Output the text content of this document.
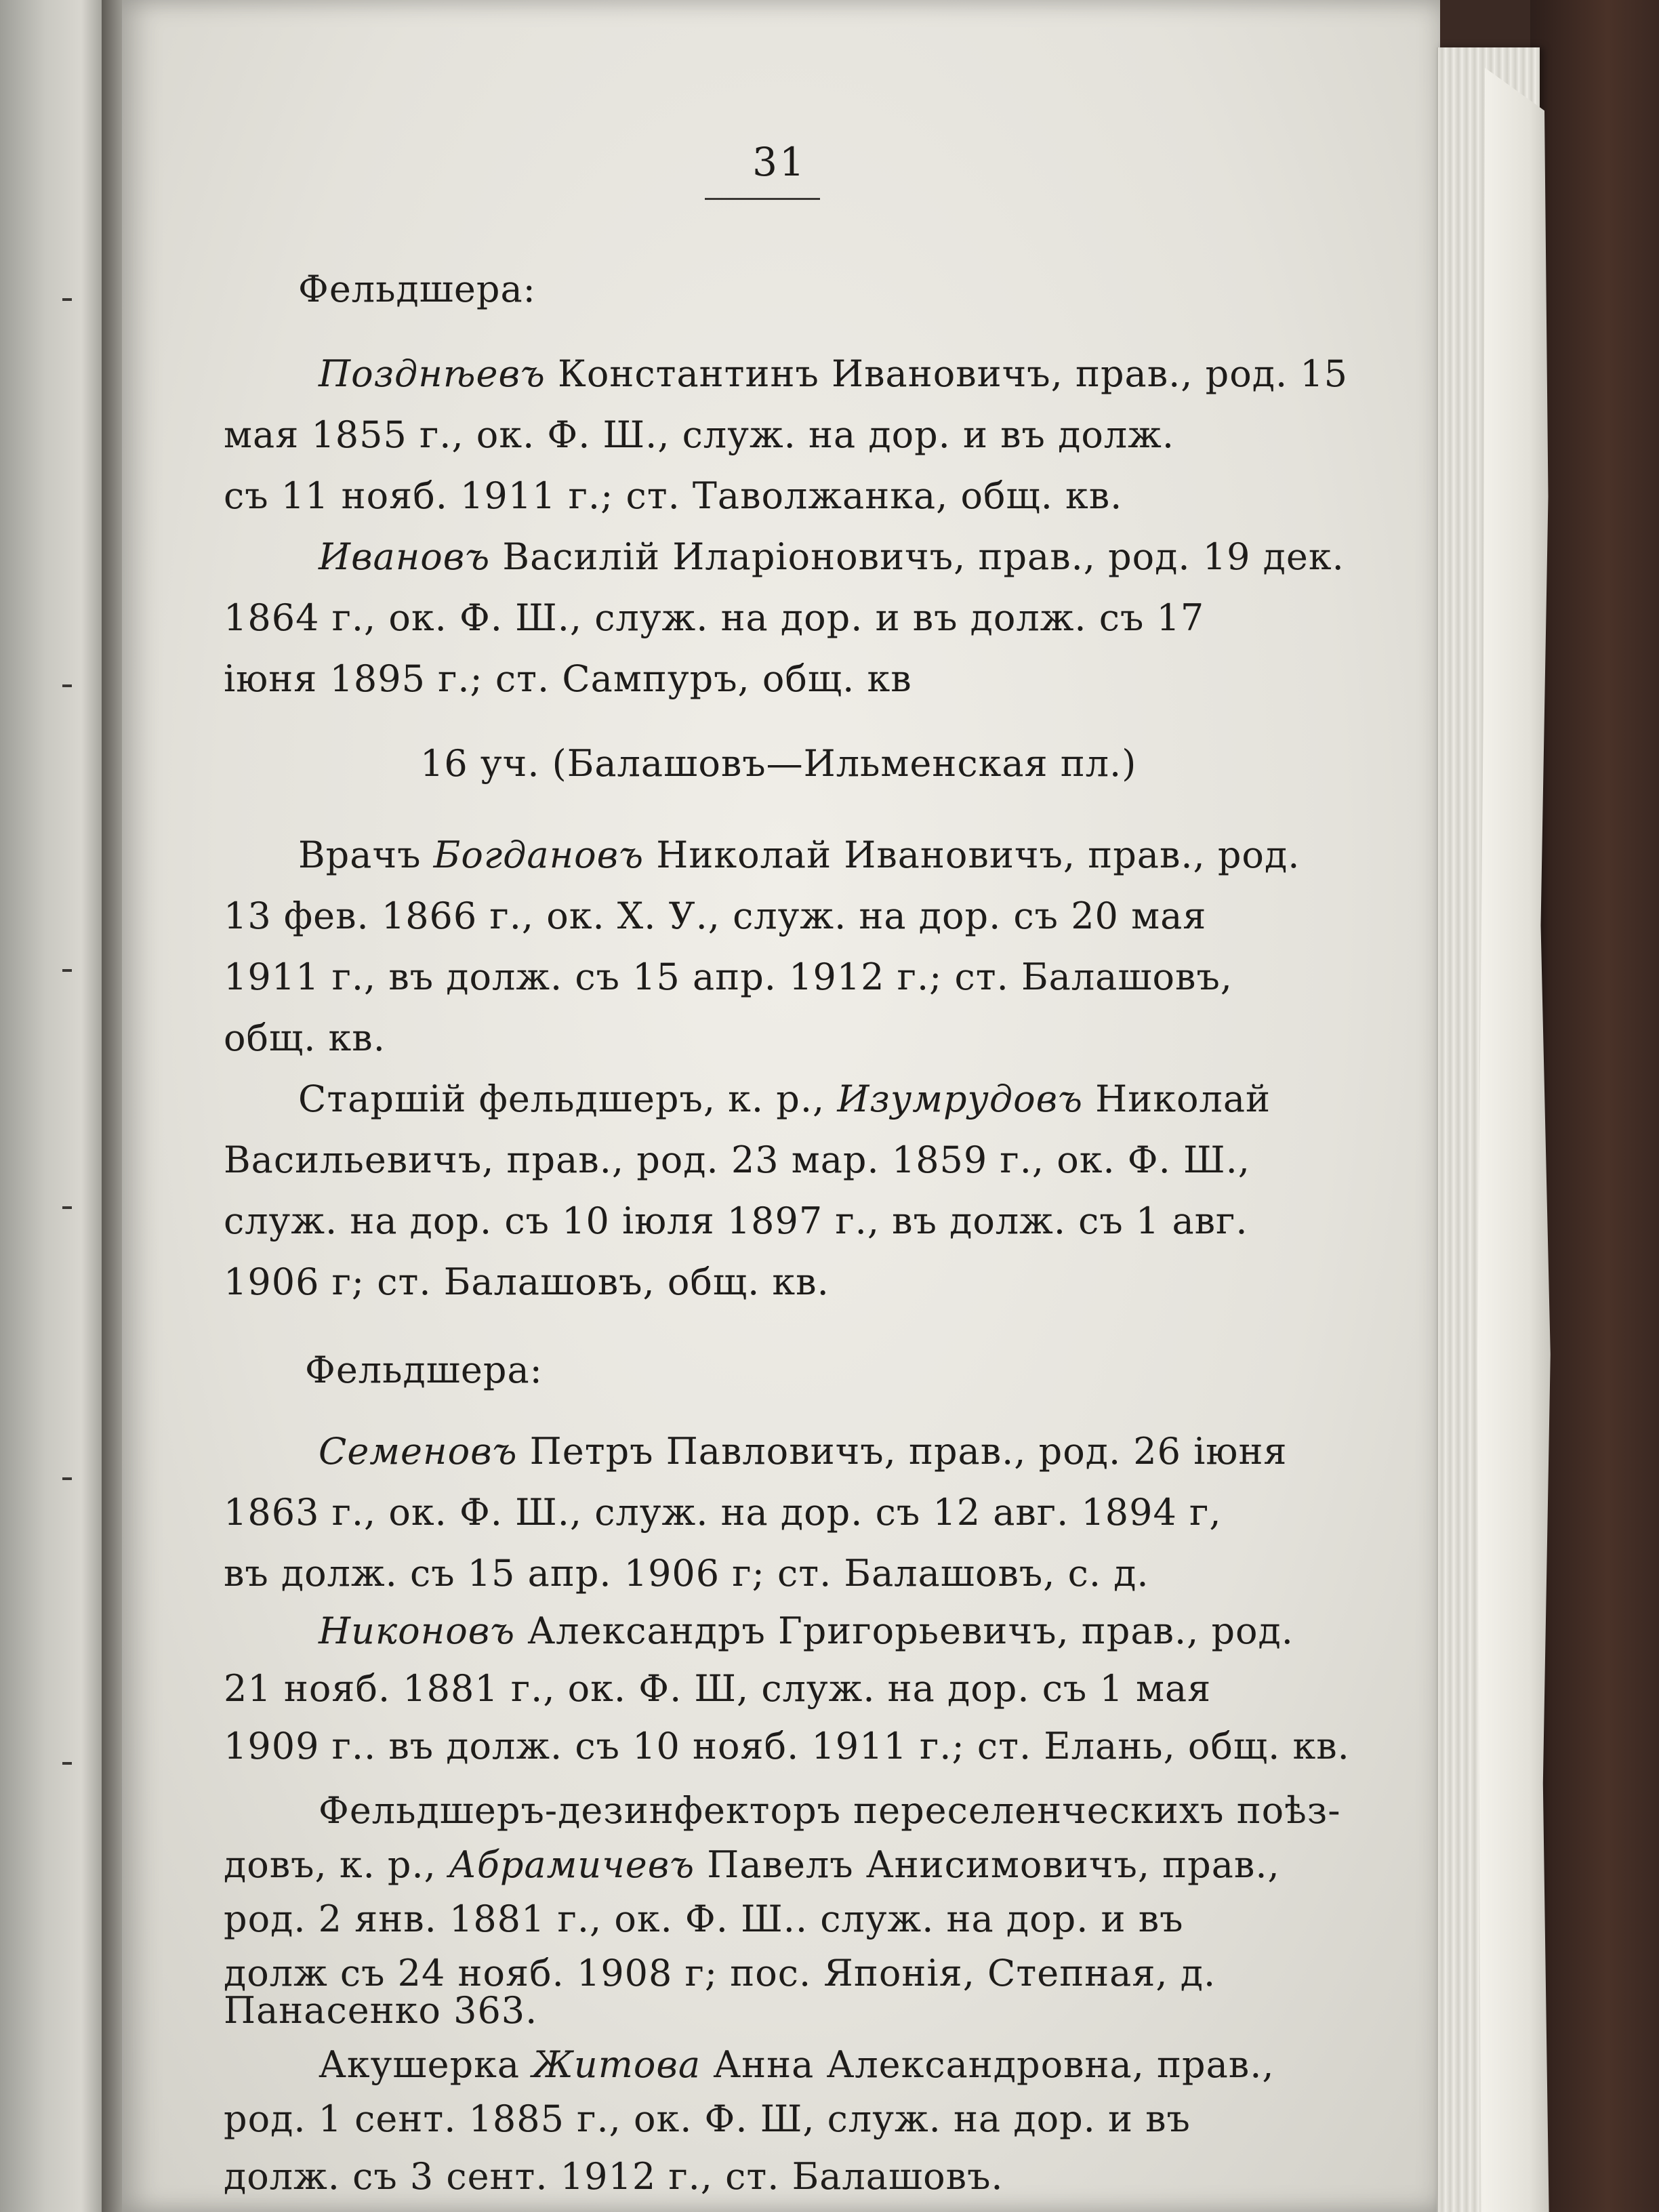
31
Фельдшера:
Позднѣевъ Константинъ Ивановичъ, прав., род. 15
мая 1855 г., ок. Ф. Ш., служ. на дор. и въ долж.
съ 11 нояб. 1911 г.; ст. Таволжанка, общ. кв.
Ивановъ Василій Иларіоновичъ, прав., род. 19 дек.
1864 г., ок. Ф. Ш., служ. на дор. и въ долж. съ 17
іюня 1895 г.; ст. Сампуръ, общ. кв
16 уч. (Балашовъ—Ильменская пл.)
Врачъ Богдановъ Николай Ивановичъ, прав., род.
13 фев. 1866 г., ок. Х. У., служ. на дор. съ 20 мая
1911 г., въ долж. съ 15 апр. 1912 г.; ст. Балашовъ,
общ. кв.
Старшій фельдшеръ, к. р., Изумрудовъ Николай
Васильевичъ, прав., род. 23 мар. 1859 г., ок. Ф. Ш.,
служ. на дор. съ 10 іюля 1897 г., въ долж. съ 1 авг.
1906 г; ст. Балашовъ, общ. кв.
Фельдшера:
Семеновъ Петръ Павловичъ, прав., род. 26 іюня
1863 г., ок. Ф. Ш., служ. на дор. съ 12 авг. 1894 г,
въ долж. съ 15 апр. 1906 г; ст. Балашовъ, с. д.
Никоновъ Александръ Григорьевичъ, прав., род.
21 нояб. 1881 г., ок. Ф. Ш, служ. на дор. съ 1 мая
1909 г.. въ долж. съ 10 нояб. 1911 г.; ст. Елань, общ. кв.
Фельдшеръ-дезинфекторъ переселенческихъ поѣз-
довъ, к. р., Абрамичевъ Павелъ Анисимовичъ, прав.,
род. 2 янв. 1881 г., ок. Ф. Ш.. служ. на дор. и въ
долж съ 24 нояб. 1908 г; пос. Японія, Степная, д.
Панасенко 363.
Акушерка Житова Анна Александровна, прав.,
род. 1 сент. 1885 г., ок. Ф. Ш, служ. на дор. и въ
долж. съ 3 сент. 1912 г., ст. Балашовъ.
